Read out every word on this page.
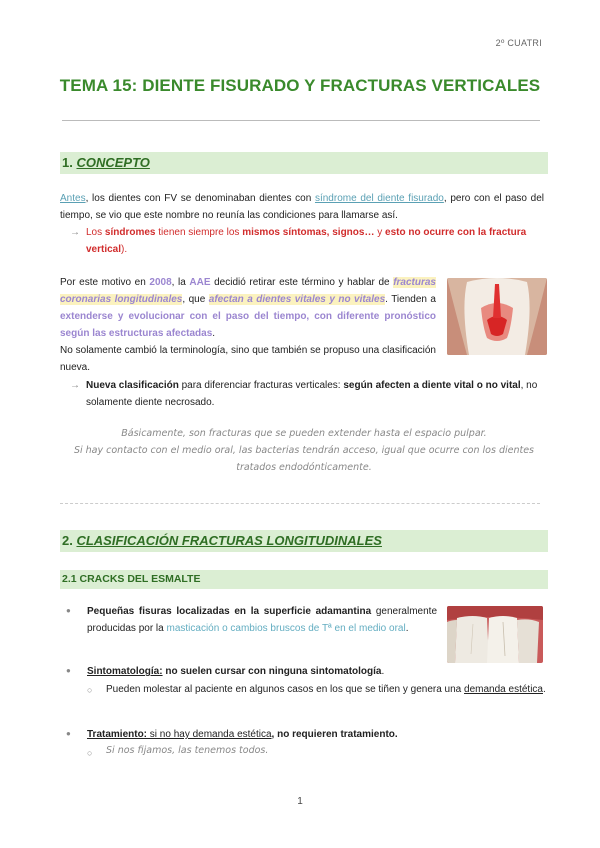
2º CUATRI
TEMA 15: DIENTE FISURADO Y FRACTURAS VERTICALES
1. CONCEPTO
Antes, los dientes con FV se denominaban dientes con síndrome del diente fisurado, pero con el paso del tiempo, se vio que este nombre no reunía las condiciones para llamarse así.
→ Los síndromes tienen siempre los mismos síntomas, signos… y esto no ocurre con la fractura vertical).
Por este motivo en 2008, la AAE decidió retirar este término y hablar de fracturas coronarias longitudinales, que afectan a dientes vitales y no vitales. Tienden a extenderse y evolucionar con el paso del tiempo, con diferente pronóstico según las estructuras afectadas.
No solamente cambió la terminología, sino que también se propuso una clasificación nueva.
→ Nueva clasificación para diferenciar fracturas verticales: según afecten a diente vital o no vital, no solamente diente necrosado.
Básicamente, son fracturas que se pueden extender hasta el espacio pulpar.
Si hay contacto con el medio oral, las bacterias tendrán acceso, igual que ocurre con los dientes tratados endodónticamente.
2. CLASIFICACIÓN FRACTURAS LONGITUDINALES
2.1 CRACKS DEL ESMALTE
● Pequeñas fisuras localizadas en la superficie adamantina generalmente producidas por la masticación o cambios bruscos de Tª en el medio oral.
● Sintomatología: no suelen cursar con ninguna sintomatología.
○ Pueden molestar al paciente en algunos casos en los que se tiñen y genera una demanda estética.
● Tratamiento: si no hay demanda estética, no requieren tratamiento.
○ Si nos fijamos, las tenemos todos.
1
